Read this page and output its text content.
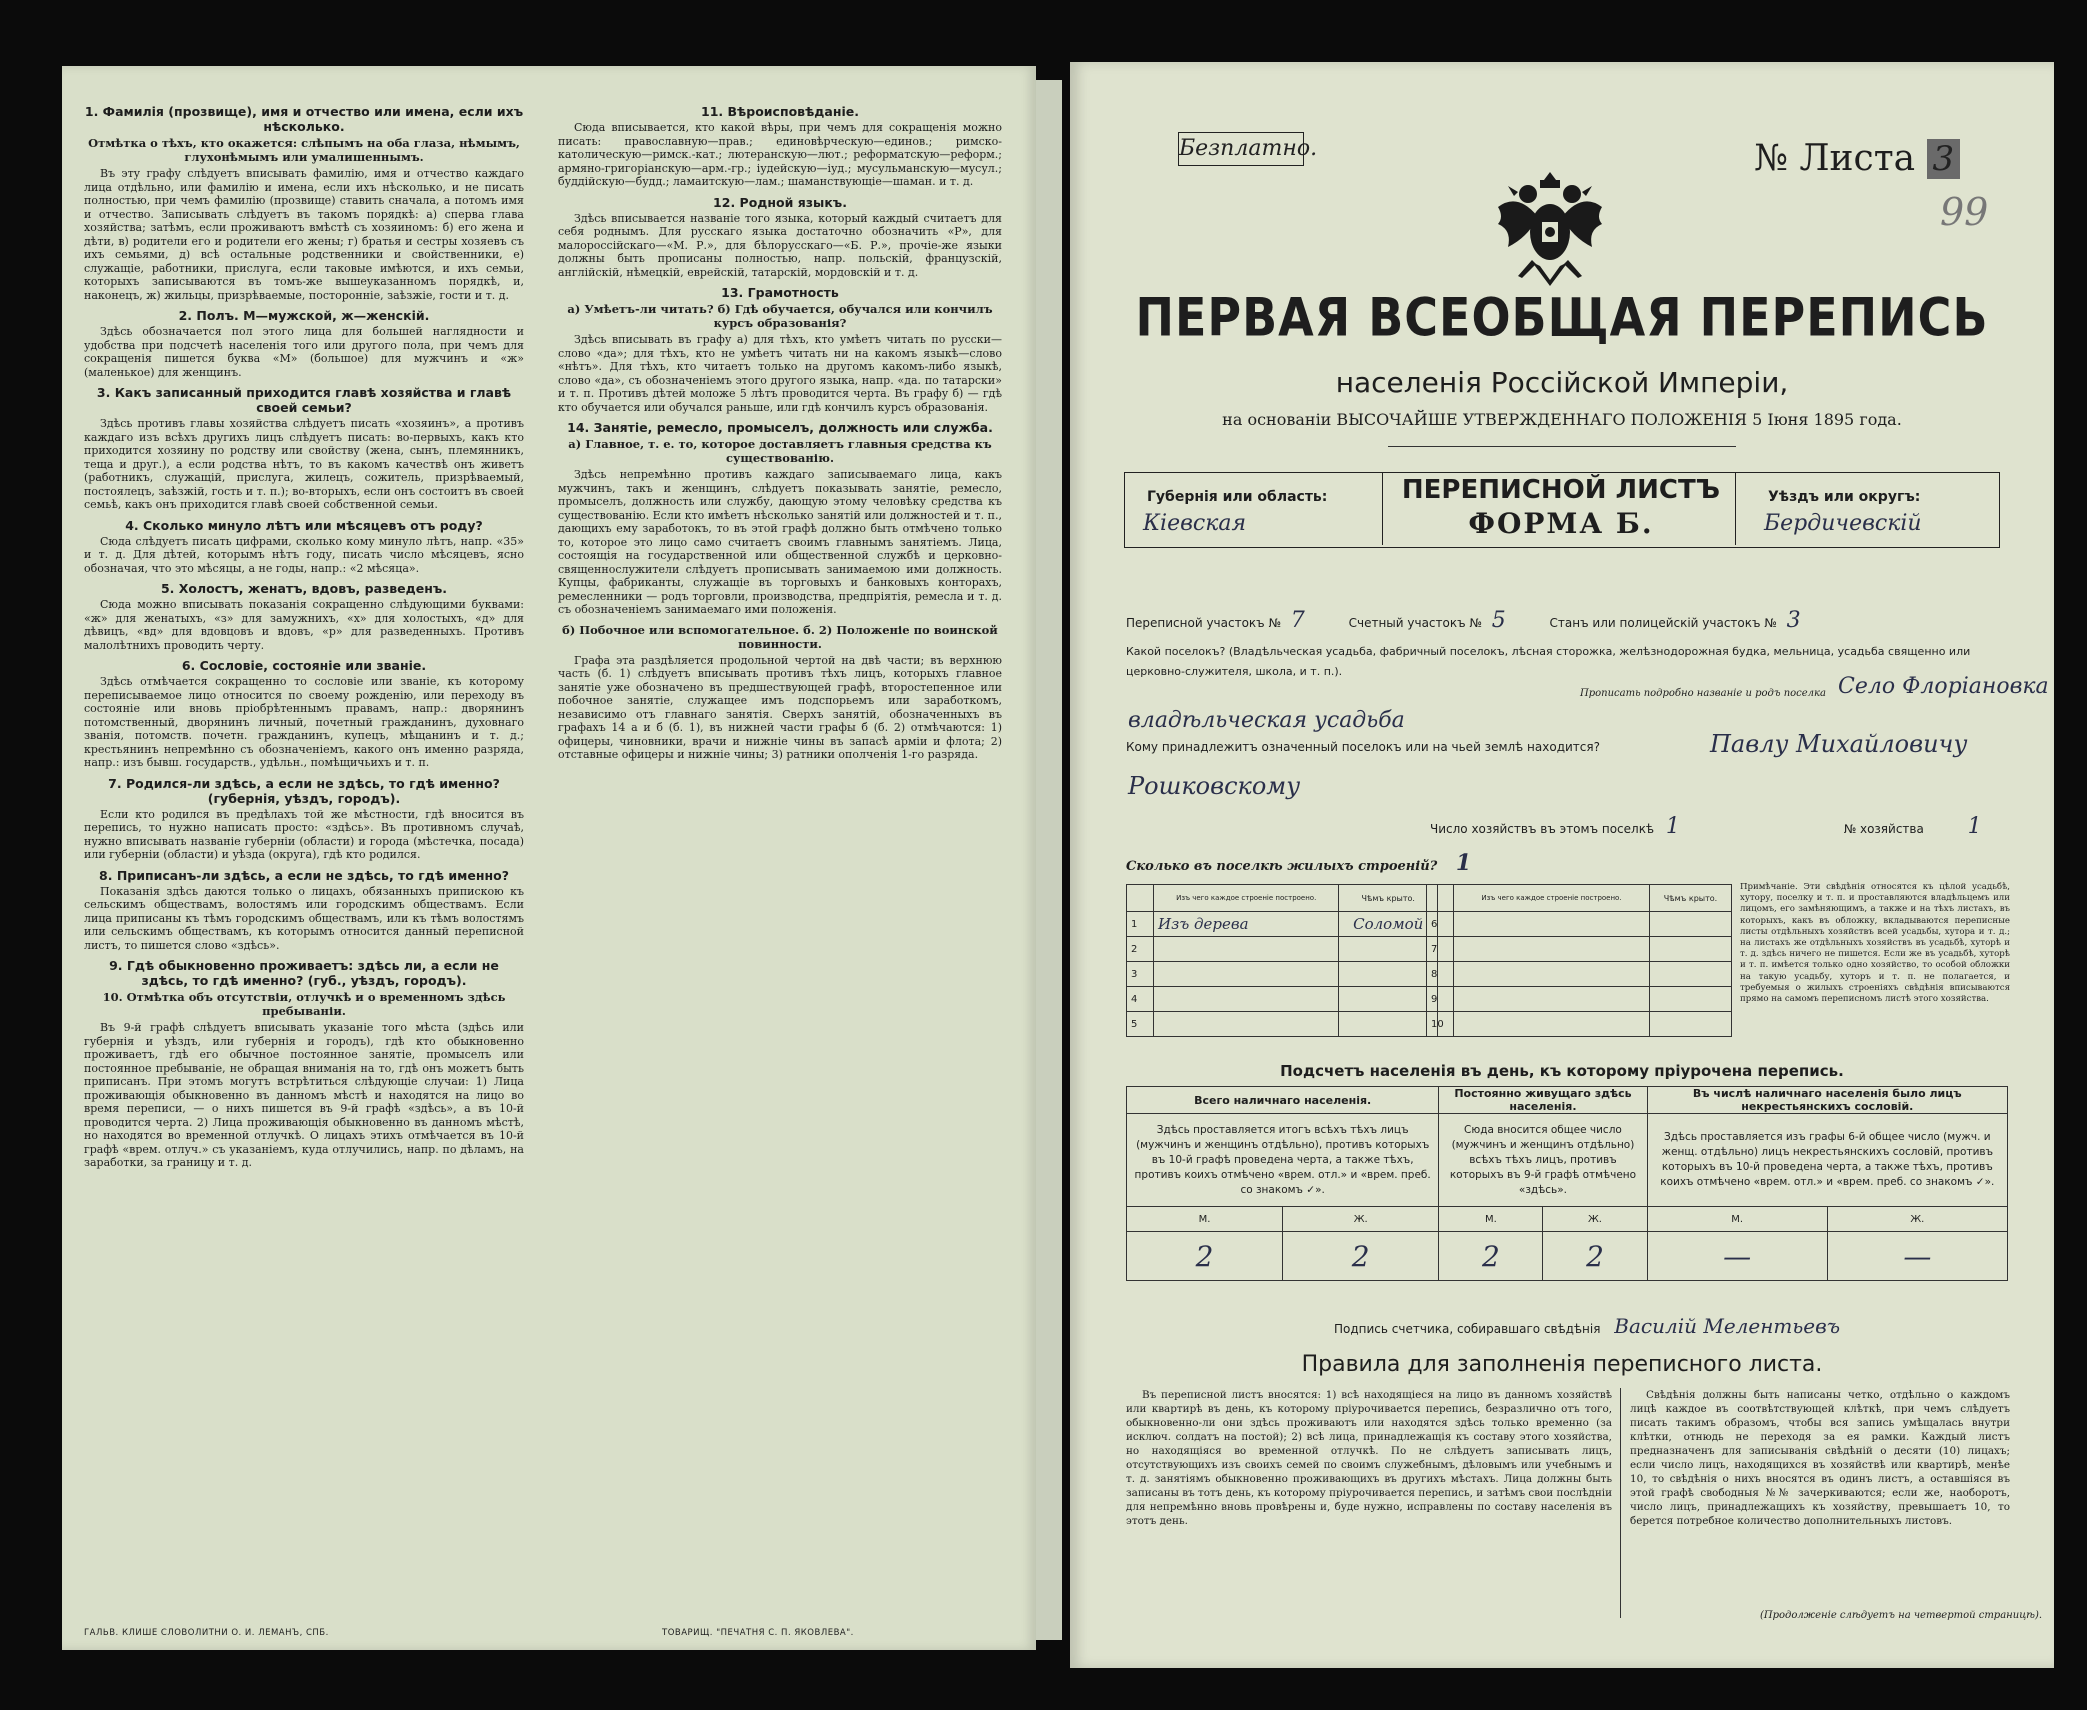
1. Фамилія (прозвище), имя и отчество или имена, если ихъ нѣсколько.
Отмѣтка о тѣхъ, кто окажется: слѣпымъ на оба глаза, нѣмымъ, глухонѣмымъ или умалишеннымъ.

Въ эту графу слѣдуетъ вписывать фамилію, имя и отчество каждаго лица отдѣльно, или фамилію и имена, если ихъ нѣсколько, и не писать полностью, при чемъ фамилію (прозвище) ставить сначала, а потомъ имя и отчество. Записывать слѣдуетъ въ такомъ порядкѣ: а) сперва глава хозяйства; затѣмъ, если проживаютъ вмѣстѣ съ хозяиномъ: б) его жена и дѣти, в) родители его и родители его жены; г) братья и сестры хозяевъ съ ихъ семьями, д) всѣ остальные родственники и свойственники, е) служащіе, работники, прислуга, если таковые имѣются, и ихъ семьи, которыхъ записываются въ томъ-же вышеуказанномъ порядкѣ, и, наконецъ, ж) жильцы, призрѣваемые, посторонніе, заѣзжіе, гости и т. д.

2. Полъ. М—мужской, ж—женскій.

Здѣсь обозначается пол этого лица для большей наглядности и удобства при подсчетѣ населенія того или другого пола, при чемъ для сокращенія пишется буква «М» (большое) для мужчинъ и «ж» (маленькое) для женщинъ.

3. Какъ записанный приходится главѣ хозяйства и главѣ своей семьи?

Здѣсь противъ главы хозяйства слѣдуетъ писать «хозяинъ», а противъ каждаго изъ всѣхъ другихъ лицъ слѣдуетъ писать: во-первыхъ, какъ кто приходится хозяину по родству или свойству (жена, сынъ, племянникъ, теща и друг.), а если родства нѣтъ, то въ какомъ качествѣ онъ живетъ (работникъ, служащій, прислуга, жилецъ, сожитель, призрѣваемый, постоялецъ, заѣзжій, гость и т. п.); во-вторыхъ, если онъ состоитъ въ своей семьѣ, какъ онъ приходится главѣ своей собственной семьи.

4. Сколько минуло лѣтъ или мѣсяцевъ отъ роду?

Сюда слѣдуетъ писать цифрами, сколько кому минуло лѣтъ, напр. «35» и т. д. Для дѣтей, которымъ нѣтъ году, писать число мѣсяцевъ, ясно обозначая, что это мѣсяцы, а не годы, напр.: «2 мѣсяца».

5. Холостъ, женатъ, вдовъ, разведенъ.

Сюда можно вписывать показанія сокращенно слѣдующими буквами: «ж» для женатыхъ, «з» для замужнихъ, «х» для холостыхъ, «д» для дѣвицъ, «вд» для вдовцовъ и вдовъ, «р» для разведенныхъ. Противъ малолѣтнихъ проводить черту.

6. Сословіе, состояніе или званіе.

Здѣсь отмѣчается сокращенно то сословіе или званіе, къ которому переписываемое лицо относится по своему рожденію, или переходу въ состояніе или вновь пріобрѣтеннымъ правамъ, напр.: дворянинъ потомственный, дворянинъ личный, почетный гражданинъ, духовнаго званія, потомств. почетн. гражданинъ, купецъ, мѣщанинъ и т. д.; крестьянинъ непремѣнно съ обозначеніемъ, какого онъ именно разряда, напр.: изъ бывш. государств., удѣльн., помѣщичьихъ и т. п.

7. Родился-ли здѣсь, а если не здѣсь, то гдѣ именно? (губернія, уѣздъ, городъ).

Если кто родился въ предѣлахъ той же мѣстности, гдѣ вносится въ перепись, то нужно написать просто: «здѣсь». Въ противномъ случаѣ, нужно вписывать названіе губерніи (области) и города (мѣстечка, посада) или губерніи (области) и уѣзда (округа), гдѣ кто родился.

8. Приписанъ-ли здѣсь, а если не здѣсь, то гдѣ именно?

Показанія здѣсь даются только о лицахъ, обязанныхъ припискою къ сельскимъ обществамъ, волостямъ или городскимъ обществамъ. Если лица приписаны къ тѣмъ городскимъ обществамъ, или къ тѣмъ волостямъ или сельскимъ обществамъ, къ которымъ относится данный переписной листъ, то пишется слово «здѣсь».

9. Гдѣ обыкновенно проживаетъ: здѣсь ли, а если не здѣсь, то гдѣ именно? (губ., уѣздъ, городъ).
10. Отмѣтка объ отсутствіи, отлучкѣ и о временномъ здѣсь пребываніи.

Въ 9-й графѣ слѣдуетъ вписывать указаніе того мѣста (здѣсь или губернія и уѣздъ, или губернія и городъ), гдѣ кто обыкновенно проживаетъ, гдѣ его обычное постоянное занятіе, промыселъ или постоянное пребываніе, не обращая вниманія на то, гдѣ онъ можетъ быть приписанъ. При этомъ могутъ встрѣтиться слѣдующіе случаи: 1) Лица проживающія обыкновенно въ данномъ мѣстѣ и находятся на лицо во время переписи, — о нихъ пишется въ 9-й графѣ «здѣсь», а въ 10-й проводится черта. 2) Лица проживающія обыкновенно въ данномъ мѣстѣ, но находятся во временной отлучкѣ. О лицахъ этихъ отмѣчается въ 10-й графѣ «врем. отлуч.» съ указаніемъ, куда отлучились, напр. по дѣламъ, на заработки, за границу и т. д.

11. Вѣроисповѣданіе.

Сюда вписывается, кто какой вѣры, при чемъ для сокращенія можно писать: православную—прав.; единовѣрческую—единов.; римско-католическую—римск.-кат.; лютеранскую—лют.; реформатскую—реформ.; армяно-григоріанскую—арм.-гр.; іудейскую—іуд.; мусульманскую—мусул.; буддійскую—будд.; ламаитскую—лам.; шаманствующіе—шаман. и т. д.

12. Родной языкъ.

Здѣсь вписывается названіе того языка, который каждый считаетъ для себя роднымъ. Для русскаго языка достаточно обозначить «Р», для малороссійскаго—«М. Р.», для бѣлорусскаго—«Б. Р.», прочіе-же языки должны быть прописаны полностью, напр. польскій, французскій, англійскій, нѣмецкій, еврейскій, татарскій, мордовскій и т. д.

13. Грамотность
а) Умѣетъ-ли читать? б) Гдѣ обучается, обучался или кончилъ курсъ образованія?

Здѣсь вписывать въ графу а) для тѣхъ, кто умѣетъ читать по русски—слово «да»; для тѣхъ, кто не умѣетъ читать ни на какомъ языкѣ—слово «нѣтъ». Для тѣхъ, кто читаетъ только на другомъ какомъ-либо языкѣ, слово «да», съ обозначеніемъ этого другого языка, напр. «да. по татарски» и т. п. Противъ дѣтей моложе 5 лѣтъ проводится черта. Въ графу б) — гдѣ кто обучается или обучался раньше, или гдѣ кончилъ курсъ образованія.

14. Занятіе, ремесло, промыселъ, должность или служба.
а) Главное, т. е. то, которое доставляетъ главныя средства къ существованію.

Здѣсь непремѣнно противъ каждаго записываемаго лица, какъ мужчинъ, такъ и женщинъ, слѣдуетъ показывать занятіе, ремесло, промыселъ, должность или службу, дающую этому человѣку средства къ существованію. Если кто имѣетъ нѣсколько занятій или должностей и т. п., дающихъ ему заработокъ, то въ этой графѣ должно быть отмѣчено только то, которое это лицо само считаетъ своимъ главнымъ занятіемъ. Лица, состоящія на государственной или общественной службѣ и церковно-священнослужители слѣдуетъ прописывать занимаемою ими должность. Купцы, фабриканты, служащіе въ торговыхъ и банковыхъ конторахъ, ремесленники — родъ торговли, производства, предпріятія, ремесла и т. д. съ обозначеніемъ занимаемаго ими положенія.

б) Побочное или вспомогательное. б. 2) Положеніе по воинской повинности.

Графа эта раздѣляется продольной чертой на двѣ части; въ верхнюю часть (б. 1) слѣдуетъ вписывать противъ тѣхъ лицъ, которыхъ главное занятіе уже обозначено въ предшествующей графѣ, второстепенное или побочное занятіе, служащее имъ подспорьемъ или заработкомъ, независимо отъ главнаго занятія. Сверхъ занятій, обозначенныхъ въ графахъ 14 а и б (б. 1), въ нижней части графы б (б. 2) отмѣчаются: 1) офицеры, чиновники, врачи и нижніе чины въ запасѣ арміи и флота; 2) отставные офицеры и нижніе чины; 3) ратники ополченія 1-го разряда.

ГАЛЬВ. КЛИШЕ СЛОВОЛИТНИ О. И. ЛЕМАНЪ, СПБ.	ТОВАРИЩ. "ПЕЧАТНЯ С. П. ЯКОВЛЕВА".
Безплатно.	№ Листа 3
99
ПЕРВАЯ ВСЕОБЩАЯ ПЕРЕПИСЬ
населенія Россійской Имперіи,
на основаніи ВЫСОЧАЙШЕ УТВЕРЖДЕННАГО ПОЛОЖЕНІЯ 5 Іюня 1895 года.
Губернія или область:
Кіевская
ПЕРЕПИСНОЙ ЛИСТЪ
ФОРМА Б.
Уѣздъ или округъ:
Бердичевскій
Переписной участокъ № 7	Счетный участокъ № 5	Станъ или полицейскій участокъ № 3
Какой поселокъ? (Владѣльческая усадьба, фабричный поселокъ, лѣсная сторожка, желѣзнодорожная будка, мельница, усадьба священно или церковно-служителя, школа, и т. п.).
Прописать подробно названіе и родъ поселка Село Флоріановка
владѣльческая усадьба
Кому принадлежитъ означенный поселокъ или на чьей землѣ находится?	Павлу Михайловичу
Рошковскому
Число хозяйствъ въ этомъ поселкѣ 1	№ хозяйства 1
Сколько въ поселкѣ жилыхъ строеній? 1
	Изъ чего каждое строеніе построено.	Чѣмъ крыто.
1	Изъ дерева	Соломой
2		
3		
4		
5		
	Изъ чего каждое строеніе построено.	Чѣмъ крыто.
6		
7		
8		
9		
10		
Примѣчаніе. Эти свѣдѣнія относятся къ цѣлой усадьбѣ, хутору, поселку и т. п. и проставляются владѣльцемъ или лицомъ, его замѣняющимъ, а также и на тѣхъ листахъ, въ которыхъ, какъ въ обложку, вкладываются переписные листы отдѣльныхъ хозяйствъ всей усадьбы, хутора и т. д.; на листахъ же отдѣльныхъ хозяйствъ въ усадьбѣ, хуторѣ и т. д. здѣсь ничего не пишется. Если же въ усадьбѣ, хуторѣ и т. п. имѣется только одно хозяйство, то особой обложки на такую усадьбу, хуторъ и т. п. не полагается, и требуемыя о жилыхъ строеніяхъ свѣдѣнія вписываются прямо на самомъ переписномъ листѣ этого хозяйства.
Подсчетъ населенія въ день, къ которому пріурочена перепись.
Всего наличнаго населенія.		Постоянно живущаго здѣсь населенія.		Въ числѣ наличнаго населенія было лицъ некрестьянскихъ сословій.	
Здѣсь проставляется итогъ всѣхъ тѣхъ лицъ (мужчинъ и женщинъ отдѣльно), противъ которыхъ въ 10-й графѣ проведена черта, а также тѣхъ, противъ коихъ отмѣчено «врем. отл.» и «врем. преб. со знакомъ ✓».		Сюда вносится общее число (мужчинъ и женщинъ отдѣльно) всѣхъ тѣхъ лицъ, противъ которыхъ въ 9-й графѣ отмѣчено «здѣсь».		Здѣсь проставляется изъ графы 6-й общее число (мужч. и женщ. отдѣльно) лицъ некрестьянскихъ сословій, противъ которыхъ въ 10-й проведена черта, а также тѣхъ, противъ коихъ отмѣчено «врем. отл.» и «врем. преб. со знакомъ ✓».	
М.	Ж.	М.	Ж.	М.	Ж.
2	2	2	2	—	—
Подпись счетчика, собиравшаго свѣдѣнія Василій Мелентьевъ
Правила для заполненія переписного листа.
Въ переписной листъ вносятся: 1) всѣ находящіеся на лицо въ данномъ хозяйствѣ или квартирѣ въ день, къ которому пріурочивается перепись, безразлично отъ того, обыкновенно-ли они здѣсь проживаютъ или находятся здѣсь только временно (за исключ. солдатъ на постой); 2) всѣ лица, принадлежащія къ составу этого хозяйства, но находящіяся во временной отлучкѣ. По не слѣдуетъ записывать лицъ, отсутствующихъ изъ своихъ семей по своимъ служебнымъ, дѣловымъ или учебнымъ и т. д. занятіямъ обыкновенно проживающихъ въ другихъ мѣстахъ. Лица должны быть записаны въ тотъ день, къ которому пріурочивается перепись, и затѣмъ свои послѣдніи для непремѣнно вновь провѣрены и, буде нужно, исправлены по составу населенія въ этотъ день.
Свѣдѣнія должны быть написаны четко, отдѣльно о каждомъ лицѣ каждое въ соотвѣтствующей клѣткѣ, при чемъ слѣдуетъ писать такимъ образомъ, чтобы вся запись умѣщалась внутри клѣтки, отнюдь не переходя за ея рамки. Каждый листъ предназначенъ для записыванія свѣдѣній о десяти (10) лицахъ; если число лицъ, находящихся въ хозяйствѣ или квартирѣ, менѣе 10, то свѣдѣнія о нихъ вносятся въ одинъ листъ, а оставшіяся въ этой графѣ свободныя №№ зачеркиваются; если же, наоборотъ, число лицъ, принадлежащихъ къ хозяйству, превышаетъ 10, то берется потребное количество дополнительныхъ листовъ.
(Продолженіе слѣдуетъ на четвертой страницѣ).
